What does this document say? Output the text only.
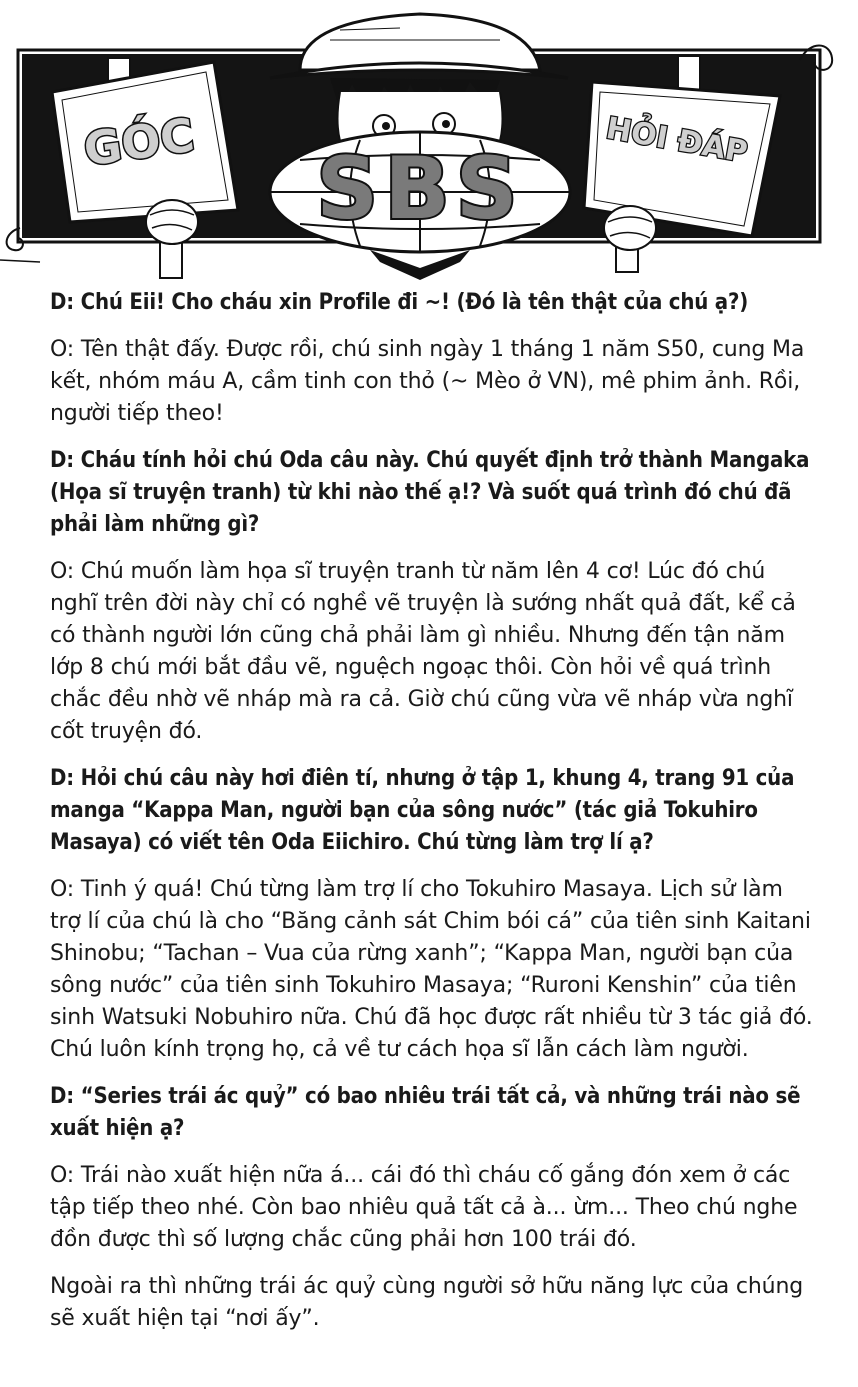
GÓC SBS	HỎI ĐÁP

D: Chú Eii! Cho cháu xin Profile đi ~! (Đó là tên thật của chú ạ?)

O: Tên thật đấy. Được rồi, chú sinh ngày 1 tháng 1 năm S50, cung Ma kết, nhóm máu A, cầm tinh con thỏ (~ Mèo ở VN), mê phim ảnh. Rồi, người tiếp theo!

D: Cháu tính hỏi chú Oda câu này. Chú quyết định trở thành Mangaka (Họa sĩ truyện tranh) từ khi nào thế ạ!? Và suốt quá trình đó chú đã phải làm những gì?

O: Chú muốn làm họa sĩ truyện tranh từ năm lên 4 cơ! Lúc đó chú nghĩ trên đời này chỉ có nghề vẽ truyện là sướng nhất quả đất, kể cả có thành người lớn cũng chả phải làm gì nhiều. Nhưng đến tận năm lớp 8 chú mới bắt đầu vẽ, nguệch ngoạc thôi. Còn hỏi về quá trình chắc đều nhờ vẽ nháp mà ra cả. Giờ chú cũng vừa vẽ nháp vừa nghĩ cốt truyện đó.

D: Hỏi chú câu này hơi điên tí, nhưng ở tập 1, khung 4, trang 91 của manga “Kappa Man, người bạn của sông nước” (tác giả Tokuhiro Masaya) có viết tên Oda Eiichiro. Chú từng làm trợ lí ạ?

O: Tinh ý quá! Chú từng làm trợ lí cho Tokuhiro Masaya. Lịch sử làm trợ lí của chú là cho “Băng cảnh sát Chim bói cá” của tiên sinh Kaitani Shinobu; “Tachan – Vua của rừng xanh”; “Kappa Man, người bạn của sông nước” của tiên sinh Tokuhiro Masaya; “Ruroni Kenshin” của tiên sinh Watsuki Nobuhiro nữa. Chú đã học được rất nhiều từ 3 tác giả đó. Chú luôn kính trọng họ, cả về tư cách họa sĩ lẫn cách làm người.

D: “Series trái ác quỷ” có bao nhiêu trái tất cả, và những trái nào sẽ xuất hiện ạ?

O: Trái nào xuất hiện nữa á... cái đó thì cháu cố gắng đón xem ở các tập tiếp theo nhé. Còn bao nhiêu quả tất cả à... ừm... Theo chú nghe đồn được thì số lượng chắc cũng phải hơn 100 trái đó.

Ngoài ra thì những trái ác quỷ cùng người sở hữu năng lực của chúng sẽ xuất hiện tại “nơi ấy”.
